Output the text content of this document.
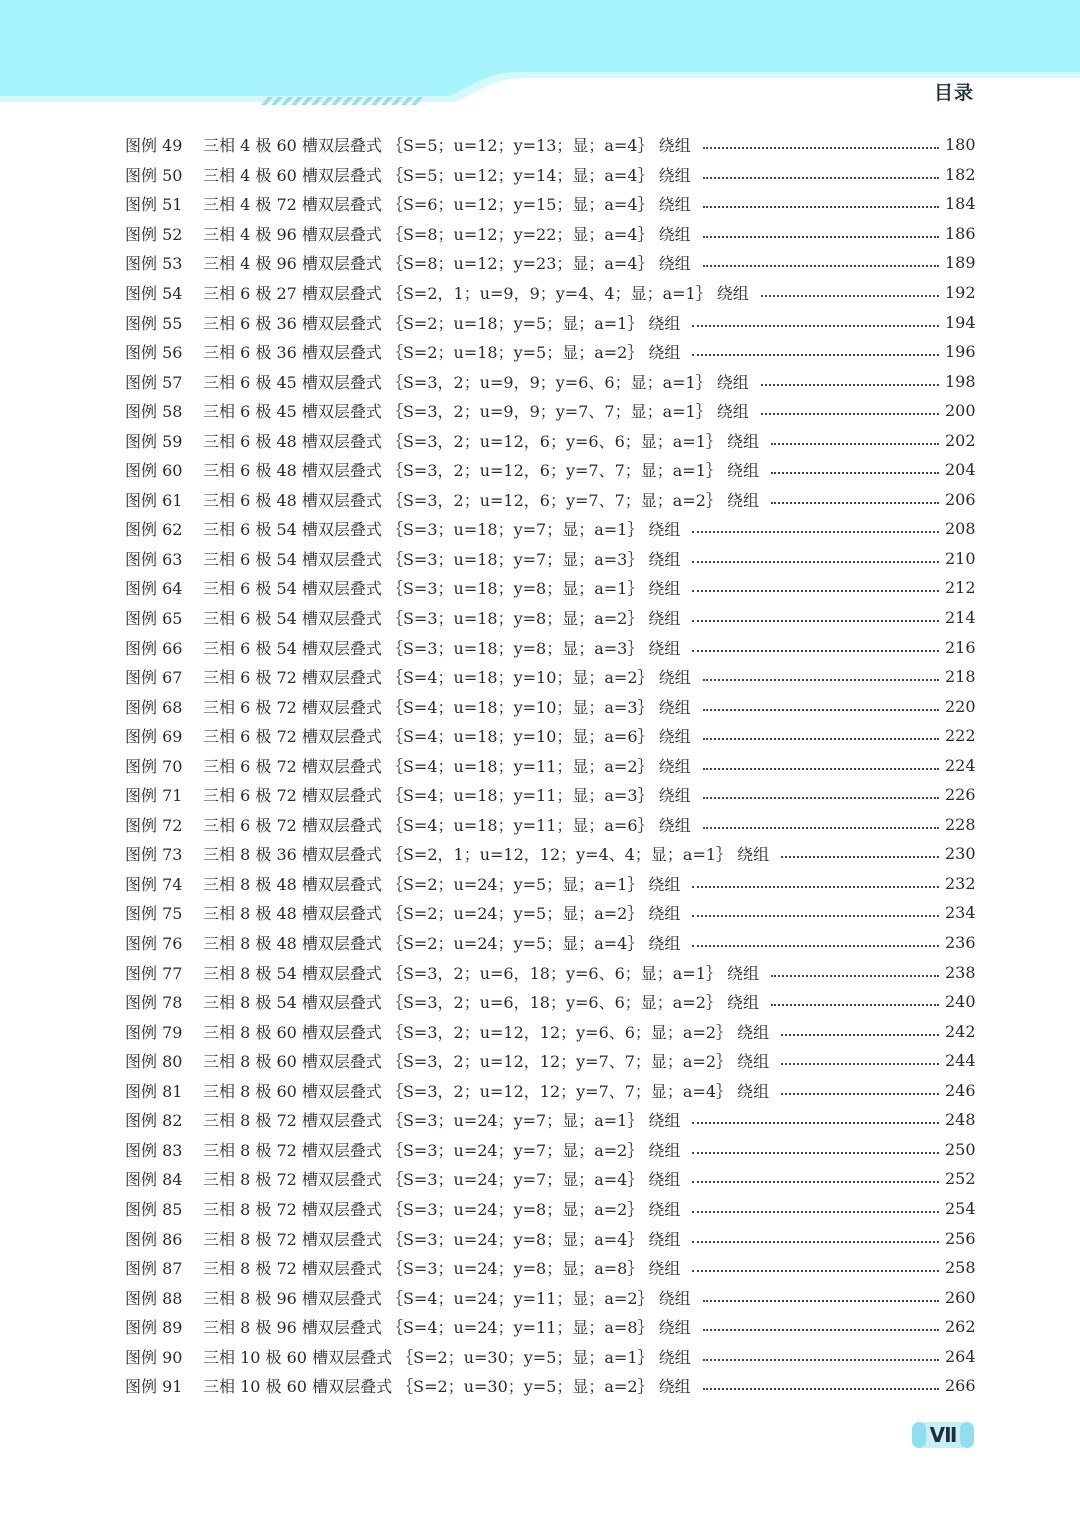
目录
图例 49	三相 4 极 60 槽双层叠式 ｛S=5；u=12；y=13；显；a=4｝ 绕组	180
图例 50	三相 4 极 60 槽双层叠式 ｛S=5；u=12；y=14；显；a=4｝ 绕组	182
图例 51	三相 4 极 72 槽双层叠式 ｛S=6；u=12；y=15；显；a=4｝ 绕组	184
图例 52	三相 4 极 96 槽双层叠式 ｛S=8；u=12；y=22；显；a=4｝ 绕组	186
图例 53	三相 4 极 96 槽双层叠式 ｛S=8；u=12；y=23；显；a=4｝ 绕组	189
图例 54	三相 6 极 27 槽双层叠式 ｛S=2，1；u=9，9；y=4、4；显；a=1｝ 绕组	192
图例 55	三相 6 极 36 槽双层叠式 ｛S=2；u=18；y=5；显；a=1｝ 绕组	194
图例 56	三相 6 极 36 槽双层叠式 ｛S=2；u=18；y=5；显；a=2｝ 绕组	196
图例 57	三相 6 极 45 槽双层叠式 ｛S=3，2；u=9，9；y=6、6；显；a=1｝ 绕组	198
图例 58	三相 6 极 45 槽双层叠式 ｛S=3，2；u=9，9；y=7、7；显；a=1｝ 绕组	200
图例 59	三相 6 极 48 槽双层叠式 ｛S=3，2；u=12，6；y=6、6；显；a=1｝ 绕组	202
图例 60	三相 6 极 48 槽双层叠式 ｛S=3，2；u=12，6；y=7、7；显；a=1｝ 绕组	204
图例 61	三相 6 极 48 槽双层叠式 ｛S=3，2；u=12，6；y=7、7；显；a=2｝ 绕组	206
图例 62	三相 6 极 54 槽双层叠式 ｛S=3；u=18；y=7；显；a=1｝ 绕组	208
图例 63	三相 6 极 54 槽双层叠式 ｛S=3；u=18；y=7；显；a=3｝ 绕组	210
图例 64	三相 6 极 54 槽双层叠式 ｛S=3；u=18；y=8；显；a=1｝ 绕组	212
图例 65	三相 6 极 54 槽双层叠式 ｛S=3；u=18；y=8；显；a=2｝ 绕组	214
图例 66	三相 6 极 54 槽双层叠式 ｛S=3；u=18；y=8；显；a=3｝ 绕组	216
图例 67	三相 6 极 72 槽双层叠式 ｛S=4；u=18；y=10；显；a=2｝ 绕组	218
图例 68	三相 6 极 72 槽双层叠式 ｛S=4；u=18；y=10；显；a=3｝ 绕组	220
图例 69	三相 6 极 72 槽双层叠式 ｛S=4；u=18；y=10；显；a=6｝ 绕组	222
图例 70	三相 6 极 72 槽双层叠式 ｛S=4；u=18；y=11；显；a=2｝ 绕组	224
图例 71	三相 6 极 72 槽双层叠式 ｛S=4；u=18；y=11；显；a=3｝ 绕组	226
图例 72	三相 6 极 72 槽双层叠式 ｛S=4；u=18；y=11；显；a=6｝ 绕组	228
图例 73	三相 8 极 36 槽双层叠式 ｛S=2，1；u=12，12；y=4、4；显；a=1｝ 绕组	230
图例 74	三相 8 极 48 槽双层叠式 ｛S=2；u=24；y=5；显；a=1｝ 绕组	232
图例 75	三相 8 极 48 槽双层叠式 ｛S=2；u=24；y=5；显；a=2｝ 绕组	234
图例 76	三相 8 极 48 槽双层叠式 ｛S=2；u=24；y=5；显；a=4｝ 绕组	236
图例 77	三相 8 极 54 槽双层叠式 ｛S=3，2；u=6，18；y=6、6；显；a=1｝ 绕组	238
图例 78	三相 8 极 54 槽双层叠式 ｛S=3，2；u=6，18；y=6、6；显；a=2｝ 绕组	240
图例 79	三相 8 极 60 槽双层叠式 ｛S=3，2；u=12，12；y=6、6；显；a=2｝ 绕组	242
图例 80	三相 8 极 60 槽双层叠式 ｛S=3，2；u=12，12；y=7、7；显；a=2｝ 绕组	244
图例 81	三相 8 极 60 槽双层叠式 ｛S=3，2；u=12，12；y=7、7；显；a=4｝ 绕组	246
图例 82	三相 8 极 72 槽双层叠式 ｛S=3；u=24；y=7；显；a=1｝ 绕组	248
图例 83	三相 8 极 72 槽双层叠式 ｛S=3；u=24；y=7；显；a=2｝ 绕组	250
图例 84	三相 8 极 72 槽双层叠式 ｛S=3；u=24；y=7；显；a=4｝ 绕组	252
图例 85	三相 8 极 72 槽双层叠式 ｛S=3；u=24；y=8；显；a=2｝ 绕组	254
图例 86	三相 8 极 72 槽双层叠式 ｛S=3；u=24；y=8；显；a=4｝ 绕组	256
图例 87	三相 8 极 72 槽双层叠式 ｛S=3；u=24；y=8；显；a=8｝ 绕组	258
图例 88	三相 8 极 96 槽双层叠式 ｛S=4；u=24；y=11；显；a=2｝ 绕组	260
图例 89	三相 8 极 96 槽双层叠式 ｛S=4；u=24；y=11；显；a=8｝ 绕组	262
图例 90	三相 10 极 60 槽双层叠式 ｛S=2；u=30；y=5；显；a=1｝ 绕组	264
图例 91	三相 10 极 60 槽双层叠式 ｛S=2；u=30；y=5；显；a=2｝ 绕组	266
Ⅶ
